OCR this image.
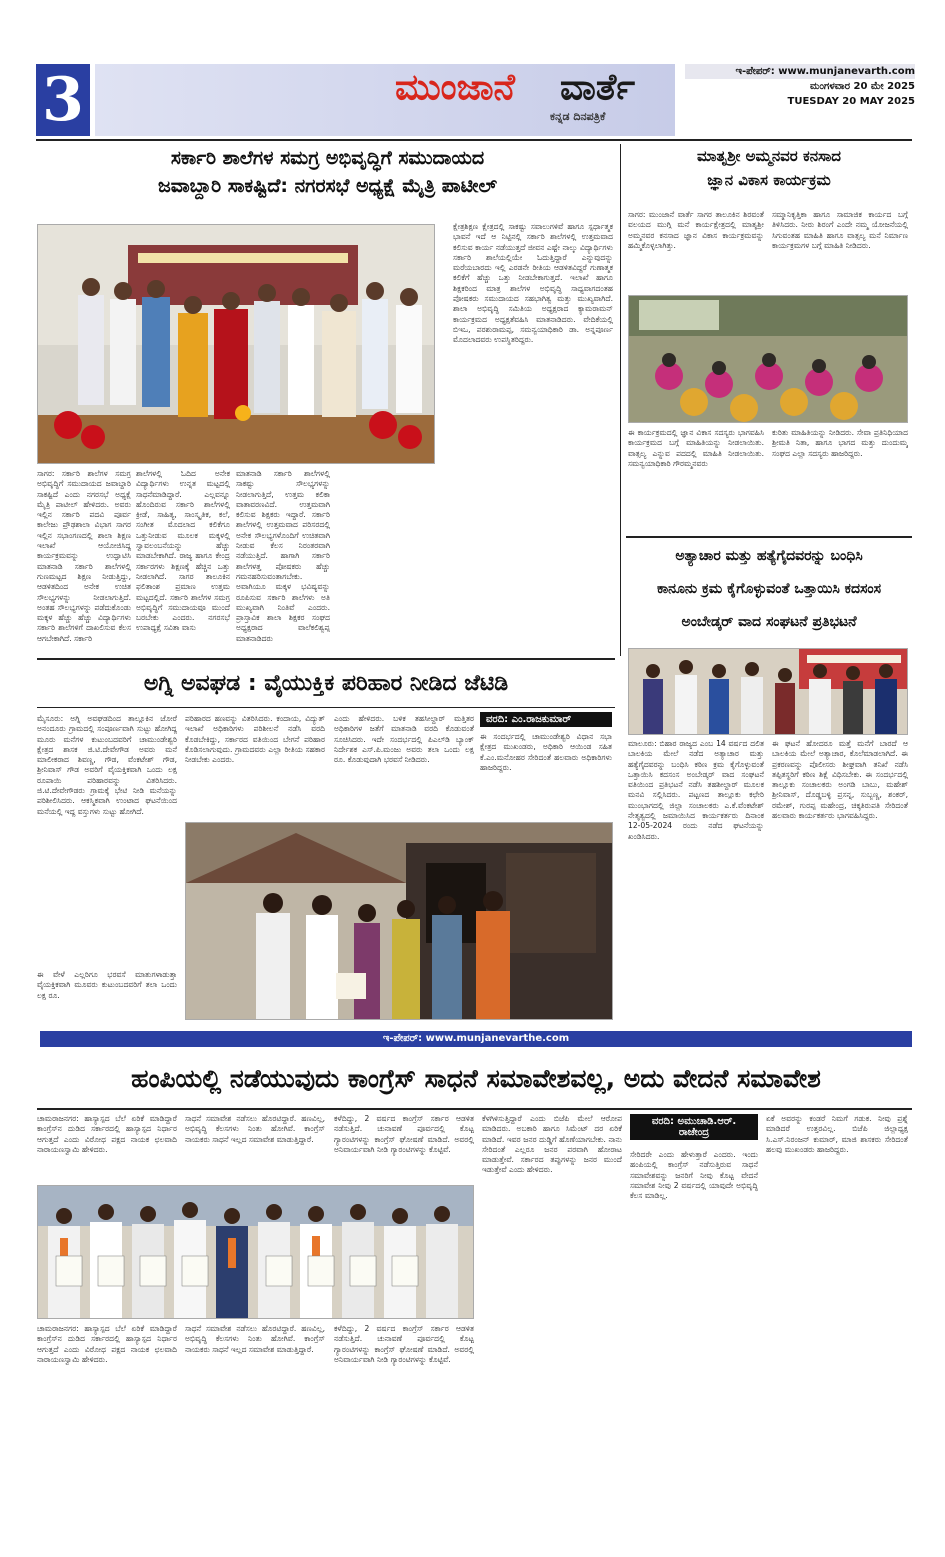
3	ಮುಂಜಾನೆ ವಾರ್ತೆ
ಕನ್ನಡ ದಿನಪತ್ರಿಕೆ
ಇ-ಪೇಪರ್: www.munjanevarth.com
ಮಂಗಳವಾರ 20 ಮೇ 2025
TUESDAY 20 MAY 2025
ಸರ್ಕಾರಿ ಶಾಲೆಗಳ ಸಮಗ್ರ ಅಭಿವೃದ್ಧಿಗೆ ಸಮುದಾಯದ
ಜವಾಬ್ದಾರಿ ಸಾಕಷ್ಟಿದೆ: ನಗರಸಭೆ ಅಧ್ಯಕ್ಷೆ ಮೈತ್ರಿ ಪಾಟೀಲ್
ಸಾಗರ: ಸರ್ಕಾರಿ ಶಾಲೆಗಳ ಸಮಗ್ರ ಅಭಿವೃದ್ಧಿಗೆ ಸಮುದಾಯದ ಜವಾಬ್ದಾರಿ ಸಾಕಷ್ಟಿದೆ ಎಂದು ನಗರಸಭೆ ಅಧ್ಯಕ್ಷೆ ಮೈತ್ರಿ ಪಾಟೀಲ್ ಹೇಳಿದರು. ಅವರು ಇಲ್ಲಿನ ಸರ್ಕಾರಿ ಪದವಿ ಪೂರ್ವ ಕಾಲೇಜು ಪ್ರೌಢಶಾಲಾ ವಿಭಾಗ ಸಾಗರ ಇಲ್ಲಿನ ಸಭಾಂಗಣದಲ್ಲಿ ಶಾಲಾ ಶಿಕ್ಷಣ ಇಲಾಖೆ ಆಯೋಜಿಸಿದ್ದ ಕಾರ್ಯಕ್ರಮವನ್ನು ಉದ್ಘಾಟಿಸಿ ಮಾತನಾಡಿ ಸರ್ಕಾರಿ ಶಾಲೆಗಳಲ್ಲಿ ಗುಣಮಟ್ಟದ ಶಿಕ್ಷಣ ನೀಡುತ್ತಿದ್ದು, ಆಡಳಿತದಿಂದ ಅನೇಕ ಉಚಿತ ಸೌಲಭ್ಯಗಳನ್ನು ನೀಡಲಾಗುತ್ತಿದೆ. ಅಂತಹ ಸೌಲಭ್ಯಗಳನ್ನು ಪಡೆದುಕೊಂಡು ಮಕ್ಕಳ ಹೆಚ್ಚು ಹೆಚ್ಚು ವಿದ್ಯಾರ್ಥಿಗಳು ಸರ್ಕಾರಿ ಶಾಲೆಗಳಿಗೆ ದಾಖಲಿಸುವ ಕೆಲಸ ಆಗಬೇಕಾಗಿದೆ. ಸರ್ಕಾರಿ
ಶಾಲೆಗಳಲ್ಲಿ ಓದಿದ ಅನೇಕ ವಿದ್ಯಾರ್ಥಿಗಳು ಉನ್ನತ ಮಟ್ಟದಲ್ಲಿ ಸಾಧನೆಮಾಡಿದ್ದಾರೆ. ಎಲ್ಲವನ್ನೂ ಹೊಂದಿರುವ ಸರ್ಕಾರಿ ಶಾಲೆಗಳಲ್ಲಿ ಕ್ರೀಡೆ, ಸಾಹಿತ್ಯ, ಸಾಂಸ್ಕೃತಿಕ, ಕಲೆ, ಸಂಗೀತ ಮೊದಲಾದ ಕಲಿಕೆಗೂ ಒತ್ತುನೀಡುವ ಮೂಲಕ ಮಕ್ಕಳಲ್ಲಿ ಸ್ವಾವಲಂಬನೆಯನ್ನು ಹೆಚ್ಚು ಮಾಡಬೇಕಾಗಿದೆ. ರಾಜ್ಯ ಹಾಗೂ ಕೇಂದ್ರ ಸರ್ಕಾರಗಳು ಶಿಕ್ಷಣಕ್ಕೆ ಹೆಚ್ಚಿನ ಒತ್ತು ನೀಡಲಾಗಿದೆ. ಸಾಗರ ತಾಲೂಕಿನ ಫಲಿತಾಂಶ ಪ್ರಮಾಣ ಉತ್ತಮ ಮಟ್ಟದಲ್ಲಿದೆ. ಸರ್ಕಾರಿ ಶಾಲೆಗಳ ಸಮಗ್ರ ಅಭಿವೃದ್ಧಿಗೆ ಸಮುದಾಯವೂ ಮುಂದೆ ಬರಬೇಕು ಎಂದರು. ನಗರಸಭೆ ಉಪಾಧ್ಯಕ್ಷೆ ಸವಿತಾ ವಾಸು
ಮಾತನಾಡಿ ಸರ್ಕಾರಿ ಶಾಲೆಗಳಲ್ಲಿ ಸಾಕಷ್ಟು ಸೌಲಭ್ಯಗಳನ್ನು ನೀಡಲಾಗುತ್ತಿದೆ, ಉತ್ತಮ ಕಲಿಕಾ ವಾತಾವರಣವಿದೆ. ಉತ್ತಮವಾಗಿ ಕಲಿಸುವ ಶಿಕ್ಷಕರು ಇದ್ದಾರೆ. ಸರ್ಕಾರಿ ಶಾಲೆಗಳಲ್ಲಿ ಉತ್ತಮವಾದ ಪರಿಸರದಲ್ಲಿ ಅನೇಕ ಸೌಲಭ್ಯಗಳೊಂದಿಗೆ ಉಚಿತವಾಗಿ ನೀಡುವ ಕೆಲಸ ನಿರಂತರವಾಗಿ ನಡೆಯುತ್ತಿದೆ. ಹಾಗಾಗಿ ಸರ್ಕಾರಿ ಶಾಲೆಗಳತ್ತ ಪೋಷಕರು ಹೆಚ್ಚು ಗಮನಹರಿಸುವಂತಾಗಬೇಕು. ಅವಾಗಿಯೂ ಮಕ್ಕಳ ಭವಿಷ್ಯವನ್ನು ರೂಪಿಸುವ ಸರ್ಕಾರಿ ಶಾಲೆಗಳು ಅತಿ ಮುಖ್ಯವಾಗಿ ನಿಂತಿವೆ ಎಂದರು. ಪ್ರಾಸ್ತಾವಿಕ ಶಾಲಾ ಶಿಕ್ಷಕರ ಸಂಘದ ಅಧ್ಯಕ್ಷರಾದ ವಾಲೆಕಲಿಶ್ವಪ್ಪ ಮಾತನಾಡಿದರು
ಕ್ಷೇತ್ರಶಿಕ್ಷಣ ಕ್ಷೇತ್ರದಲ್ಲಿ ಸಾಕಷ್ಟು ಸವಾಲುಗಳಿವೆ ಹಾಗೂ ಸ್ಪರ್ಧಾತ್ಮಕ ಭಾವನೆ ಇದೆ ಆ ನಿಟ್ಟಿನಲ್ಲಿ ಸರ್ಕಾರಿ ಶಾಲೆಗಳಲ್ಲಿ ಉತ್ತಮವಾದ ಕಲಿಸುವ ಕಾರ್ಯ ನಡೆಯುತ್ತದೆ ಜೀವನ ಎಷ್ಟೇ ನಾಲ್ಕು ವಿದ್ಯಾರ್ಥಿಗಳು ಸರ್ಕಾರಿ ಶಾಲೆಯಲ್ಲಿಯೇ ಓದುತ್ತಿದ್ದಾರೆ ಎನ್ನುವುದನ್ನು ಮರೆಯಬಾರದು ಇಲ್ಲಿ ಎರಡನೇ ರೀತಿಯ ಆಡಳಿತವಿದ್ದರೆ ಗುಣಾತ್ಮಕ ಕಲಿಕೆಗೆ ಹೆಚ್ಚು ಒತ್ತು ನೀಡಬೇಕಾಗುತ್ತದೆ. ಇಲಾಖೆ ಹಾಗೂ ಶಿಕ್ಷಕರಿಂದ ಮಾತ್ರ ಶಾಲೆಗಳ ಅಭಿವೃದ್ಧಿ ಸಾಧ್ಯವಾಗದಂತಹ ಪೋಷಕರು ಸಮುದಾಯದ ಸಹಭಾಗಿತ್ವ ಮತ್ತು ಮುಖ್ಯವಾಗಿದೆ. ಶಾಲಾ ಅಭಿವೃದ್ಧಿ ಸಮಿತಿಯ ಅಧ್ಯಕ್ಷರಾದ ಕ್ಯಾಮರಾಮನ್ ಕಾರ್ಯಕ್ರಮದ ಅಧ್ಯಕ್ಷತೆವಹಿಸಿ ಮಾತನಾಡಿದರು. ವೇದಿಕೆಯಲ್ಲಿ ಬಿಇಒ, ಪರಶುರಾಮಪ್ಪ, ಸಮನ್ವಯಾಧಿಕಾರಿ ಡಾ. ಅನ್ನಪೂರ್ಣ ಮೊದಲಾದವರು ಉಪಸ್ಥಿತರಿದ್ದರು.
ಮಾತೃಶ್ರೀ ಅಮ್ಮನವರ ಕನಸಾದ
ಜ್ಞಾನ ವಿಕಾಸ ಕಾರ್ಯಕ್ರಮ
ಸಾಗರ: ಮುಂಜಾನೆ ವಾರ್ತೆ ಸಾಗರ ತಾಲೂಕಿನ ಶಿರವಂತೆ ವಲಯದ ಮುಗ್ಗಿ ಮನೆ ಕಾರ್ಯಕ್ಷೇತ್ರದಲ್ಲಿ ಮಾತೃಶ್ರೀ ಅಮ್ಮನವರ ಕನಸಾದ ಜ್ಞಾನ ವಿಕಾಸ ಕಾರ್ಯಕ್ರಮವನ್ನು ಹಮ್ಮಿಕೊಳ್ಳಲಾಗಿತ್ತು.
ಸಮ್ಮಾನಿಕೃತ್ತಿಕಾ ಹಾಗೂ ಸಾಮಾಜಿಕ ಕಾರ್ಯದ ಬಗ್ಗೆ ತಿಳಿಸಿದರು. ನೀರು ಶಿರಂಗೆ ಎಂದೇ ನಮ್ಮ ಯೋಜನೆಯಲ್ಲಿ ಸಿಗುವಂತಹ ಮಾಹಿತಿ ಹಾಗೂ ವಾತ್ಸಲ್ಯ ಮನೆ ನಿರ್ಮಾಣ ಕಾರ್ಯಕ್ರಮಗಳ ಬಗ್ಗೆ ಮಾಹಿತಿ ನೀಡಿದರು.
ಈ ಕಾರ್ಯಕ್ರಮದಲ್ಲಿ ಜ್ಞಾನ ವಿಕಾಸ ಸದಸ್ಯರು ಭಾಗವಹಿಸಿ ಕಾರ್ಯಕ್ರಮದ ಬಗ್ಗೆ ಮಾಹಿತಿಯನ್ನು ನೀಡಲಾಯಿತು. ವಾತ್ಸಲ್ಯ ಎನ್ನುವ ಪದದಲ್ಲಿ ಮಾಹಿತಿ ನೀಡಲಾಯಿತು. ಸಮನ್ವಯಾಧಿಕಾರಿ ಗೌರಮ್ಮನವರು
ಕುರಿತು ಮಾಹಿತಿಯನ್ನು ನೀಡಿದರು. ಸೇವಾ ಪ್ರತಿನಿಧಿಯಾದ ಶ್ರೀಮತಿ ನಿತಾ, ಹಾಗೂ ಭಾಗದ ಮತ್ತು ದುಂದುಮ್ಮ ಸಂಘದ ಎಲ್ಲಾ ಸದಸ್ಯರು ಹಾಜರಿದ್ದರು.
ಅತ್ಯಾಚಾರ ಮತ್ತು ಹತ್ಯೆಗೈದವರನ್ನು ಬಂಧಿಸಿ
ಕಾನೂನು ಕ್ರಮ ಕೈಗೊಳ್ಳುವಂತೆ ಒತ್ತಾಯಿಸಿ ಕದಸಂಸ
ಅಂಬೇಡ್ಕರ್ ವಾದ ಸಂಘಟನೆ ಪ್ರತಿಭಟನೆ
ಮಾಲೂರು: ಬಿಹಾರ ರಾಜ್ಯದ ಎಂಬ 14 ವರ್ಷದ ದಲಿತ ಬಾಲಕಿಯ ಮೇಲೆ ನಡೆದ ಅತ್ಯಾಚಾರ ಮತ್ತು ಹತ್ಯೆಗೈದವರನ್ನು ಬಂಧಿಸಿ ಕಠಿಣ ಕ್ರಮ ಕೈಗೊಳ್ಳುವಂತೆ ಒತ್ತಾಯಿಸಿ ಕದಸಂಸ ಅಂಬೇಡ್ಕರ್ ವಾದ ಸಂಘಟನೆ ವತಿಯಿಂದ ಪ್ರತಿಭಟನೆ ನಡೆಸಿ ತಹಶೀಲ್ದಾರ್ ಮೂಲಕ ಮನವಿ ಸಲ್ಲಿಸಿದರು. ಪಟ್ಟಣದ ತಾಲ್ಲೂಕು ಕಛೇರಿ ಮುಂಭಾಗದಲ್ಲಿ ಜಿಲ್ಲಾ ಸಂಚಾಲಕರು ಎ.ಕೆ.ವೆಂಕಟೇಶ್ ನೇತೃತ್ವದಲ್ಲಿ ಜಮಾಯಿಸಿದ ಕಾರ್ಯಕರ್ತರು ದಿನಾಂಕ 12-05-2024 ರಂದು ನಡೆದ ಘಟನೆಯನ್ನು ಖಂಡಿಸಿದರು.
ಈ ಘಟನೆ ಹೋದರೂ ಮತ್ತೆ ಮನೆಗೆ ಬಾರದೆ ಆ ಬಾಲಕಿಯ ಮೇಲೆ ಅತ್ಯಾಚಾರ, ಕೊಲೆಮಾಡಲಾಗಿದೆ. ಈ ಪ್ರಕರಣವನ್ನು ಪೊಲೀಸರು ಶೀಘ್ರವಾಗಿ ತನಿಖೆ ನಡೆಸಿ ತಪ್ಪಿತಸ್ಥರಿಗೆ ಕಠಿಣ ಶಿಕ್ಷೆ ವಿಧಿಸಬೇಕು. ಈ ಸಂದರ್ಭದಲ್ಲಿ ತಾಲ್ಲೂಕು ಸಂಚಾಲಕರು ಅಂಗಡಿ ಬಾಬು, ಮಹೇಶ್ ಶ್ರೀನಿವಾಸ್, ದೊಡ್ಡಬಳ್ಳಿ ಪ್ರಸನ್ನ, ಸುಬ್ಬಣ್ಣ, ಶಂಕರ್, ರಮೇಶ್, ಗುರಪ್ಪ ಮಹೇಂದ್ರ, ಚಿಕ್ಕತಿರುಪತಿ ಸೇರಿದಂತೆ ಹಲವಾರು ಕಾರ್ಯಕರ್ತರು ಭಾಗವಹಿಸಿದ್ದರು.
ಅಗ್ನಿ ಅವಘಡ : ವೈಯುಕ್ತಿಕ ಪರಿಹಾರ ನೀಡಿದ ಜೆಟಿಡಿ
ಮೈಸೂರು: ಅಗ್ನಿ ಅವಘಡದಿಂದ ತಾಲ್ಲೂಕಿನ ಜೋರೆ ಅನಂದೂರು ಗ್ರಾಮದಲ್ಲಿ ಸಂಪೂರ್ಣವಾಗಿ ಸುಟ್ಟು ಹೋಗಿದ್ದ ಮೂರು ಮನೆಗಳ ಕುಟುಂಬದವರಿಗೆ ಚಾಮುಂಡೇಶ್ವರಿ ಕ್ಷೇತ್ರದ ಶಾಸಕ ಜಿ.ಟಿ.ದೇವೇಗೌಡ ಅವರು ಮನೆ ಮಾಲೀಕರಾದ ಶಿವಣ್ಣ, ಗೌಡ, ವೆಂಕಟೇಶ್ ಗೌಡ, ಶ್ರೀನಿವಾಸ್ ಗೌಡ ಅವರಿಗೆ ವೈಯಕ್ತಿಕವಾಗಿ ಒಂದು ಲಕ್ಷ ರೂಪಾಯಿ ಪರಿಹಾರವನ್ನು ವಿತರಿಸಿದರು. ಜಿ.ಟಿ.ದೇವೇಗೌಡರು ಗ್ರಾಮಕ್ಕೆ ಭೇಟಿ ನೀಡಿ ಮನೆಯನ್ನು ಪರಿಶೀಲಿಸಿದರು. ಆಕಸ್ಮಿಕವಾಗಿ ಉಂಟಾದ ಘಟನೆಯಿಂದ ಮನೆಯಲ್ಲಿ ಇದ್ದ ವಸ್ತುಗಳು ಸುಟ್ಟು ಹೋಗಿದೆ.
ಪರಿಹಾರದ ಹಣವನ್ನು ವಿತರಿಸಿದರು. ಕಂದಾಯ, ವಿದ್ಯುತ್ ಇಲಾಖೆ ಅಧಿಕಾರಿಗಳು ಪರಿಶೀಲನೆ ನಡೆಸಿ ವರದಿ ಕೊಡಬೇಕಿದ್ದು, ಸರ್ಕಾರದ ವತಿಯಿಂದ ಬೇಗನೆ ಪರಿಹಾರ ಕೊಡಿಸಲಾಗುವುದು. ಗ್ರಾಮದವರು ಎಲ್ಲಾ ರೀತಿಯ ಸಹಕಾರ ನೀಡಬೇಕು ಎಂದರು.
ಎಂದು ಹೇಳಿದರು. ಬಳಿಕ ತಹಸೀಲ್ದಾರ್ ಮತ್ತಿತರ ಅಧಿಕಾರಿಗಳ ಜತೆಗೆ ಮಾತನಾಡಿ ವರದಿ ಕೊಡುವಂತೆ ಸೂಚಿಸಿದರು. ಇದೇ ಸಂದರ್ಭದಲ್ಲಿ ಪಿಎಲ್‌ಡಿ ಬ್ಯಾಂಕ್ ನಿರ್ದೇಶಕ ಎಸ್.ಪಿ.ಮಂಜು ಅವರು ತಲಾ ಒಂದು ಲಕ್ಷ ರೂ. ಕೊಡುವುದಾಗಿ ಭರವಸೆ ನೀಡಿದರು.
ವರದಿ: ಎಂ.ರಾಜಕುಮಾರ್
ಈ ಸಂದರ್ಭದಲ್ಲಿ ಚಾಮುಂಡೇಶ್ವರಿ ವಿಧಾನ ಸಭಾ ಕ್ಷೇತ್ರದ ಮುಖಂಡರು, ಅಧಿಕಾರಿ ಆಯಿಂಡ ಸಹಿತ ಕೆ.ಎಂ.ಮನೋಹರ ಸೇರಿದಂತೆ ಹಲವಾರು ಅಧಿಕಾರಿಗಳು ಹಾಜರಿದ್ದರು.
ಈ ವೇಳೆ ಎಲ್ಲರಿಗೂ ಭರವಸೆ ಮಾತುಗಳಾಡುತ್ತಾ ವೈಯಕ್ತಿಕವಾಗಿ ಮೂವರು ಕುಟುಂಬದವರಿಗೆ ತಲಾ ಒಂದು ಲಕ್ಷ ರೂ.
ಇ-ಪೇಪರ್: www.munjanevarthe.com
ಹಂಪಿಯಲ್ಲಿ ನಡೆಯುವುದು ಕಾಂಗ್ರೆಸ್ ಸಾಧನೆ ಸಮಾವೇಶವಲ್ಲ, ಅದು ವೇದನೆ ಸಮಾವೇಶ
ಚಾಮರಾಜನಗರ: ಹಾಸ್ಯಾಸ್ಪದ ಬೆಲೆ ಏರಿಕೆ ಮಾಡಿದ್ದಾರೆ ಕಾಂಗ್ರೆಸ್‌ನ ದುಡಿದ ಸರ್ಕಾರದಲ್ಲಿ ಹಾಸ್ಯಾಸ್ಪದ ನಿರ್ಧಾರ ಆಗುತ್ತದೆ ಎಂದು ವಿರೋಧ ಪಕ್ಷದ ನಾಯಕ ಛಲವಾದಿ ನಾರಾಯಣಸ್ವಾಮಿ ಹೇಳಿದರು.
ಸಾಧನೆ ಸಮಾವೇಶ ನಡೆಸಲು ಹೊರಟಿದ್ದಾರೆ. ಹಣವಿಲ್ಲ, ಅಭಿವೃದ್ಧಿ ಕೆಲಸಗಳು ನಿಂತು ಹೋಗಿವೆ. ಕಾಂಗ್ರೆಸ್ ನಾಯಕರು ಸಾಧನೆ ಇಲ್ಲದ ಸಮಾವೇಶ ಮಾಡುತ್ತಿದ್ದಾರೆ.
ಕಳೆದಿದ್ದು, 2 ವರ್ಷದ ಕಾಂಗ್ರೆಸ್ ಸರ್ಕಾರ ಆಡಳಿತ ನಡೆಸುತ್ತಿದೆ. ಚುನಾವಣೆ ಪೂರ್ವದಲ್ಲಿ ಕೊಟ್ಟ ಗ್ಯಾರಂಟಿಗಳನ್ನು ಕಾಂಗ್ರೆಸ್ ಘೋಷಣೆ ಮಾಡಿದೆ. ಅವರಲ್ಲಿ ಅನಿವಾರ್ಯವಾಗಿ ನೀಡಿ ಗ್ಯಾರಂಟಿಗಳನ್ನು ಕೊಟ್ಟಿವೆ.
ಚಾಮರಾಜನಗರ: ಹಾಸ್ಯಾಸ್ಪದ ಬೆಲೆ ಏರಿಕೆ ಮಾಡಿದ್ದಾರೆ ಕಾಂಗ್ರೆಸ್‌ನ ದುಡಿದ ಸರ್ಕಾರದಲ್ಲಿ ಹಾಸ್ಯಾಸ್ಪದ ನಿರ್ಧಾರ ಆಗುತ್ತದೆ ಎಂದು ವಿರೋಧ ಪಕ್ಷದ ನಾಯಕ ಛಲವಾದಿ ನಾರಾಯಣಸ್ವಾಮಿ ಹೇಳಿದರು.
ಸಾಧನೆ ಸಮಾವೇಶ ನಡೆಸಲು ಹೊರಟಿದ್ದಾರೆ. ಹಣವಿಲ್ಲ, ಅಭಿವೃದ್ಧಿ ಕೆಲಸಗಳು ನಿಂತು ಹೋಗಿವೆ. ಕಾಂಗ್ರೆಸ್ ನಾಯಕರು ಸಾಧನೆ ಇಲ್ಲದ ಸಮಾವೇಶ ಮಾಡುತ್ತಿದ್ದಾರೆ.
ಕಳೆದಿದ್ದು, 2 ವರ್ಷದ ಕಾಂಗ್ರೆಸ್ ಸರ್ಕಾರ ಆಡಳಿತ ನಡೆಸುತ್ತಿದೆ. ಚುನಾವಣೆ ಪೂರ್ವದಲ್ಲಿ ಕೊಟ್ಟ ಗ್ಯಾರಂಟಿಗಳನ್ನು ಕಾಂಗ್ರೆಸ್ ಘೋಷಣೆ ಮಾಡಿದೆ. ಅವರಲ್ಲಿ ಅನಿವಾರ್ಯವಾಗಿ ನೀಡಿ ಗ್ಯಾರಂಟಿಗಳನ್ನು ಕೊಟ್ಟಿವೆ.
ಕೆಳಗಿಳಿಸುತ್ತಿದ್ದಾರೆ ಎಂದು ಬಿಜೆಪಿ ಮೇಲೆ ಆರೋಪ ಮಾಡಿದರು. ಅಬಕಾರಿ ಹಾಗೂ ಸಿಮೆಂಟ್ ದರ ಏರಿಕೆ ಮಾಡಿದೆ. ಇವರ ಜನರ ದುಡ್ಡಿಗೆ ಹೊಣೆಯಾಗಬೇಕು. ನಾನು ಸೇರಿದಂತೆ ಎಲ್ಲರೂ ಜನರ ಪರವಾಗಿ ಹೋರಾಟ ಮಾಡುತ್ತೇವೆ. ಸರ್ಕಾರದ ತಪ್ಪುಗಳನ್ನು ಜನರ ಮುಂದೆ ಇಡುತ್ತೇವೆ ಎಂದು ಹೇಳಿದರು.
ವರದಿ: ಅಮುಚಾಡಿ.ಆರ್.
ರಾಜೇಂದ್ರ
ಸೇರಿದರೇ ಎಂದು ಹೇಳುತ್ತಾರೆ ಎಂದರು. ಇಂದು ಹಂಪಿಯಲ್ಲಿ ಕಾಂಗ್ರೆಸ್ ನಡೆಸುತ್ತಿರುವ ಸಾಧನೆ ಸಮಾವೇಶವನ್ನು ಜನರಿಗೆ ನೀವು ಕೊಟ್ಟ ವೇದನೆ ಸಮಾವೇಶ ನೀವು 2 ವರ್ಷದಲ್ಲಿ ಯಾವುದೇ ಅಭಿವೃದ್ಧಿ ಕೆಲಸ ಮಾಡಿಲ್ಲ.
ಏಕೆ ಅವರನ್ನು ಕಂಡರೆ ನಿಮಗೆ ಗಡುಕ. ನೀವು ಪ್ರಶ್ನೆ ಮಾಡಿದರೆ ಉತ್ತರವಿಲ್ಲ. ಬಿಜೆಪಿ ಜಿಲ್ಲಾಧ್ಯಕ್ಷ ಸಿ.ಎಸ್.ನಿರಂಜನ್ ಕುಮಾರ್, ಮಾಜಿ ಶಾಸಕರು ಸೇರಿದಂತೆ ಹಲವು ಮುಖಂಡರು ಹಾಜರಿದ್ದರು.
